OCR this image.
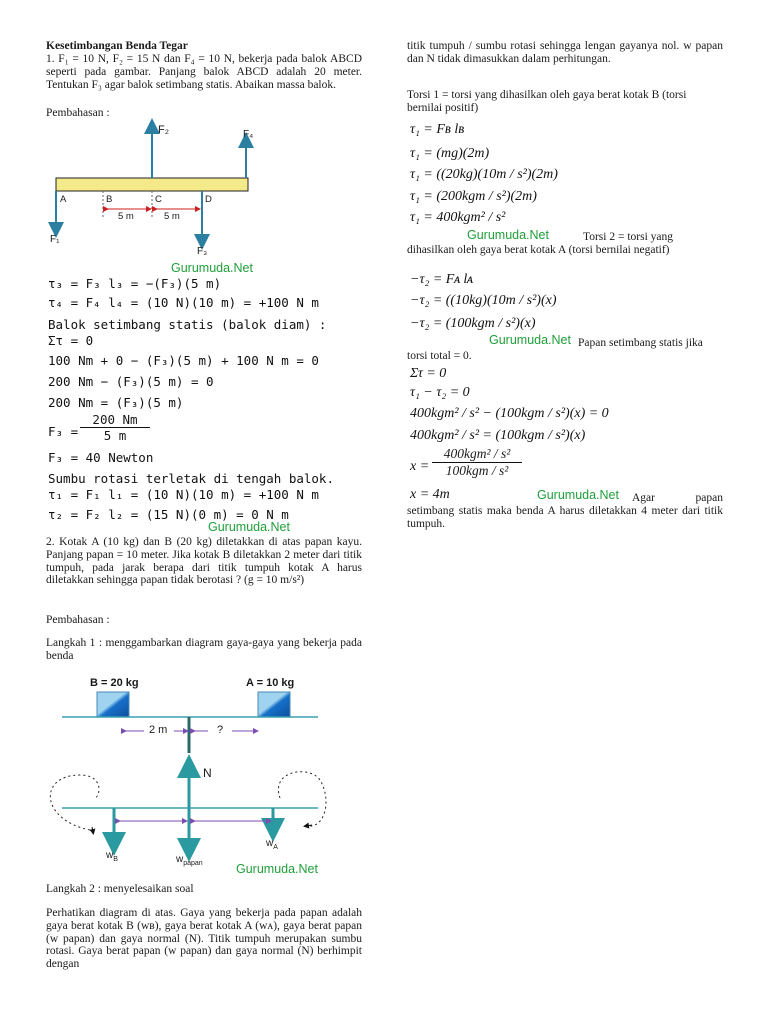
Kesetimbangan Benda Tegar
1. F₁ = 10 N, F₂ = 15 N dan F₄ = 10 N, bekerja pada balok ABCD seperti pada gambar. Panjang balok ABCD adalah 20 meter. Tentukan F₃ agar balok setimbang statis. Abaikan massa balok.
Pembahasan :
F₂	F₄
F₁
F₃
A	B	C	D
5 m	5 m
Gurumuda.Net
τ₃ = F₃ l₃ = −(F₃)(5 m)
τ₄ = F₄ l₄ = (10 N)(10 m) = +100 N m
Balok setimbang statis (balok diam) :
Στ = 0
100 Nm + 0 − (F₃)(5 m) + 100 N m = 0
200 Nm − (F₃)(5 m) = 0
200 Nm = (F₃)(5 m)
$F_3 = \frac{200 Nm}{5 m}$
F₃ = 40 Newton
Sumbu rotasi terletak di tengah balok.
τ₁ = F₁ l₁ = (10 N)(10 m) = +100 N m
τ₂ = F₂ l₂ = (15 N)(0 m) = 0 N m
Gurumuda.Net
2. Kotak A (10 kg) dan B (20 kg) diletakkan di atas papan kayu. Panjang papan = 10 meter. Jika kotak B diletakkan 2 meter dari titik tumpuh, pada jarak berapa dari titik tumpuh kotak A harus diletakkan sehingga papan tidak berotasi ? (g = 10 m/s²)
Pembahasan :
Langkah 1 : menggambarkan diagram gaya-gaya yang bekerja pada benda
B = 20 kg	A = 10 kg
2 m	?
N
$w_B$	$w_{papan}$
$w_A$
Gurumuda.Net
Langkah 2 : menyelesaikan soal
Perhatikan diagram di atas. Gaya yang bekerja pada papan adalah gaya berat kotak B (wʙ), gaya berat kotak A (wᴀ), gaya berat papan (w papan) dan gaya normal (N). Titik tumpuh merupakan sumbu rotasi. Gaya berat papan (w papan) dan gaya normal (N) berhimpit dengan
titik tumpuh / sumbu rotasi sehingga lengan gayanya nol. w papan dan N tidak dimasukkan dalam perhitungan.
Torsi 1 = torsi yang dihasilkan oleh gaya berat kotak B (torsi bernilai positif)
τ₁ = Fʙ lʙ
τ₁ = (mg)(2m)
τ₁ = ((20kg)(10m / s²)(2m)
τ₁ = (200kgm / s²)(2m)
τ₁ = 400kgm² / s²
Gurumuda.Net	Torsi 2 = torsi yang dihasilkan oleh gaya berat kotak A (torsi bernilai negatif)
−τ₂ = Fᴀ lᴀ
−τ₂ = ((10kg)(10m / s²)(x)
−τ₂ = (100kgm / s²)(x)
Gurumuda.Net Papan setimbang statis jika torsi total = 0.
Στ = 0
τ₁ − τ₂ = 0
400kgm² / s² − (100kgm / s²)(x) = 0
400kgm² / s² = (100kgm / s²)(x)
x =
400kgm² / s²
100kgm / s²
x = 4m	Gurumuda.Net	Agar papan setimbang statis maka benda A harus diletakkan 4 meter dari titik tumpuh.
